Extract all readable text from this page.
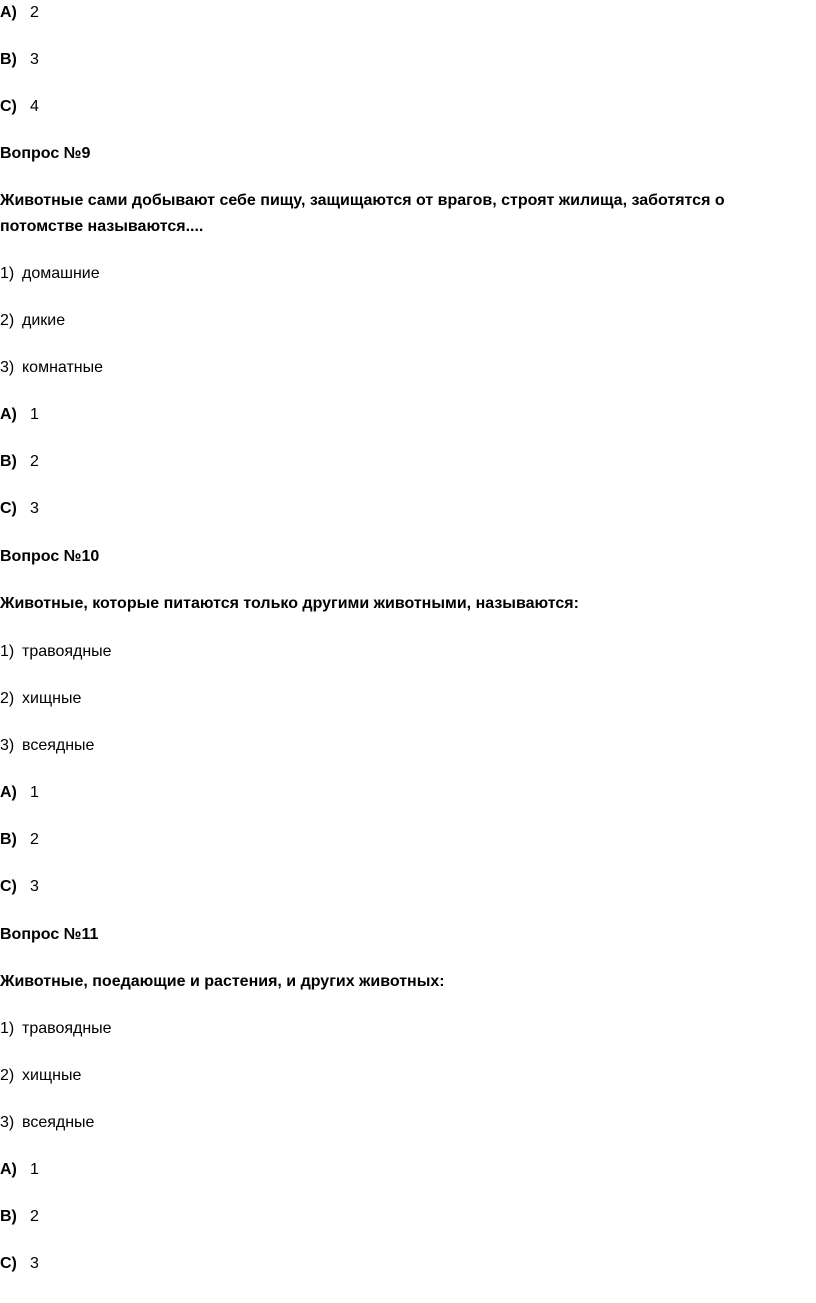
A) 2
B) 3
C) 4
Вопрос №9
Животные сами добывают себе пищу, защищаются от врагов, строят жилища, заботятся о потомстве называются....
1) домашние
2) дикие
3) комнатные
A) 1
B) 2
C) 3
Вопрос №10
Животные, которые питаются только другими животными, называются:
1) травоядные
2) хищные
3) всеядные
A) 1
B) 2
C) 3
Вопрос №11
Животные, поедающие и растения, и других животных:
1) травоядные
2) хищные
3) всеядные
A) 1
B) 2
C) 3
